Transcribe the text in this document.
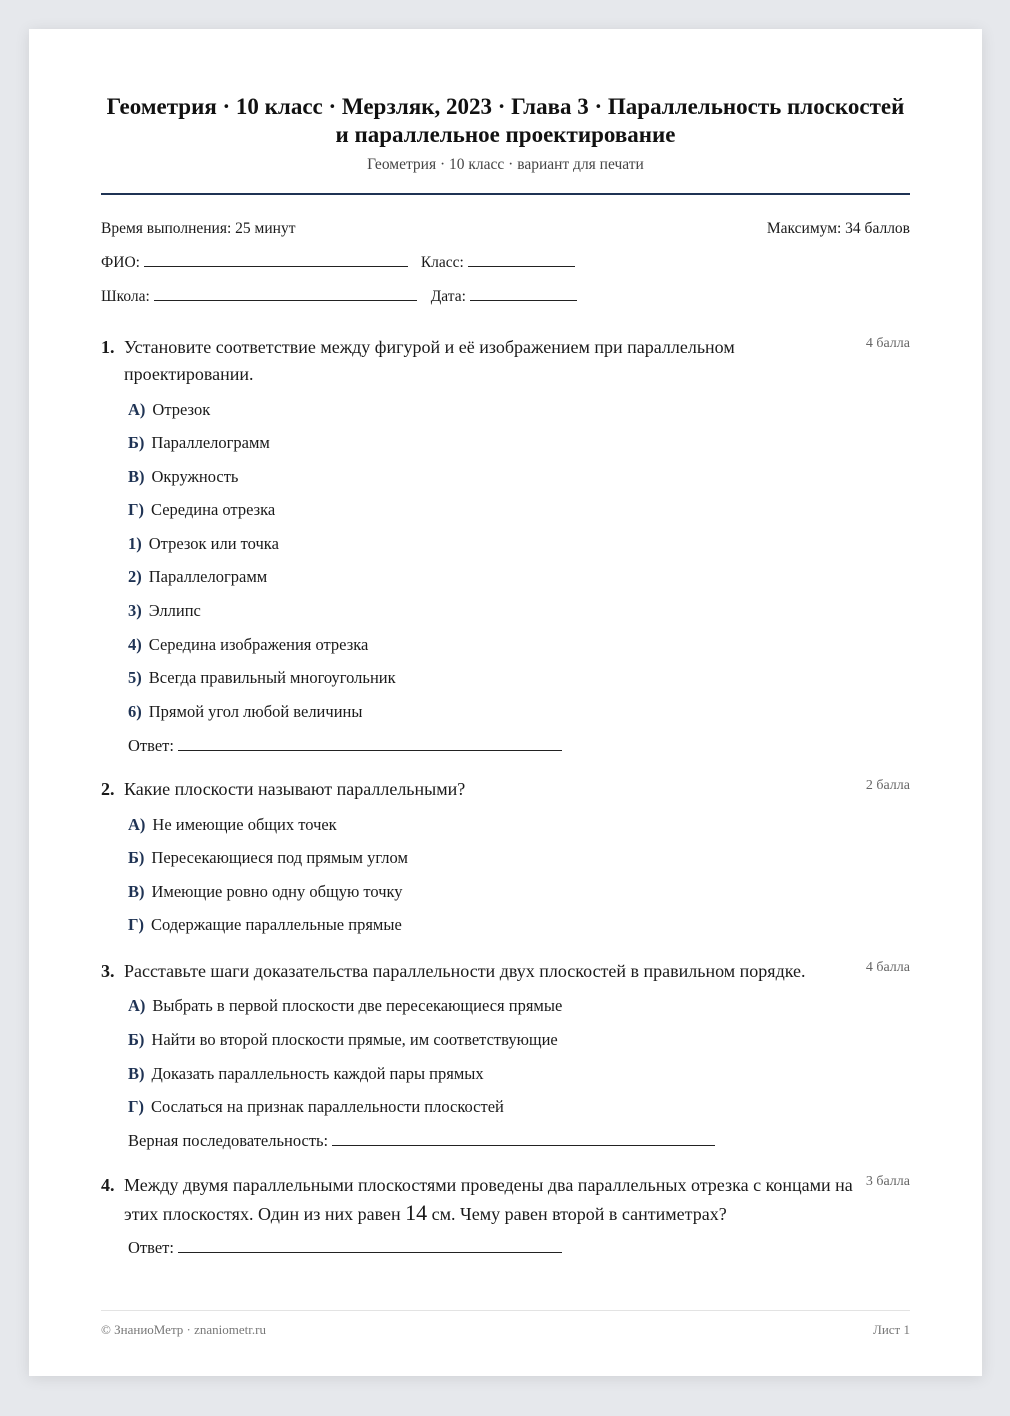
Геометрия · 10 класс · Мерзляк, 2023 · Глава 3 · Параллельность плоскостей и параллельное проектирование
Геометрия · 10 класс · вариант для печати
Время выполнения: 25 минут	Максимум: 34 баллов
ФИО:	Класс:
Школа:	Дата:
1. Установите соответствие между фигурой и её изображением при параллельном проектировании.
4 балла
А) Отрезок
Б) Параллелограмм
В) Окружность
Г) Середина отрезка
1) Отрезок или точка
2) Параллелограмм
3) Эллипс
4) Середина изображения отрезка
5) Всегда правильный многоугольник
6) Прямой угол любой величины
Ответ:
2. Какие плоскости называют параллельными?	2 балла
А) Не имеющие общих точек
Б) Пересекающиеся под прямым углом
В) Имеющие ровно одну общую точку
Г) Содержащие параллельные прямые
3. Расставьте шаги доказательства параллельности двух плоскостей в правильном порядке.	4 балла
А) Выбрать в первой плоскости две пересекающиеся прямые
Б) Найти во второй плоскости прямые, им соответствующие
В) Доказать параллельность каждой пары прямых
Г) Сослаться на признак параллельности плоскостей
Верная последовательность:
4. Между двумя параллельными плоскостями проведены два параллельных отрезка с концами на этих плоскостях. Один из них равен 14 см. Чему равен второй в сантиметрах?
3 балла
Ответ:
© ЗнаниоМетр · znaniometr.ru	Лист 1
